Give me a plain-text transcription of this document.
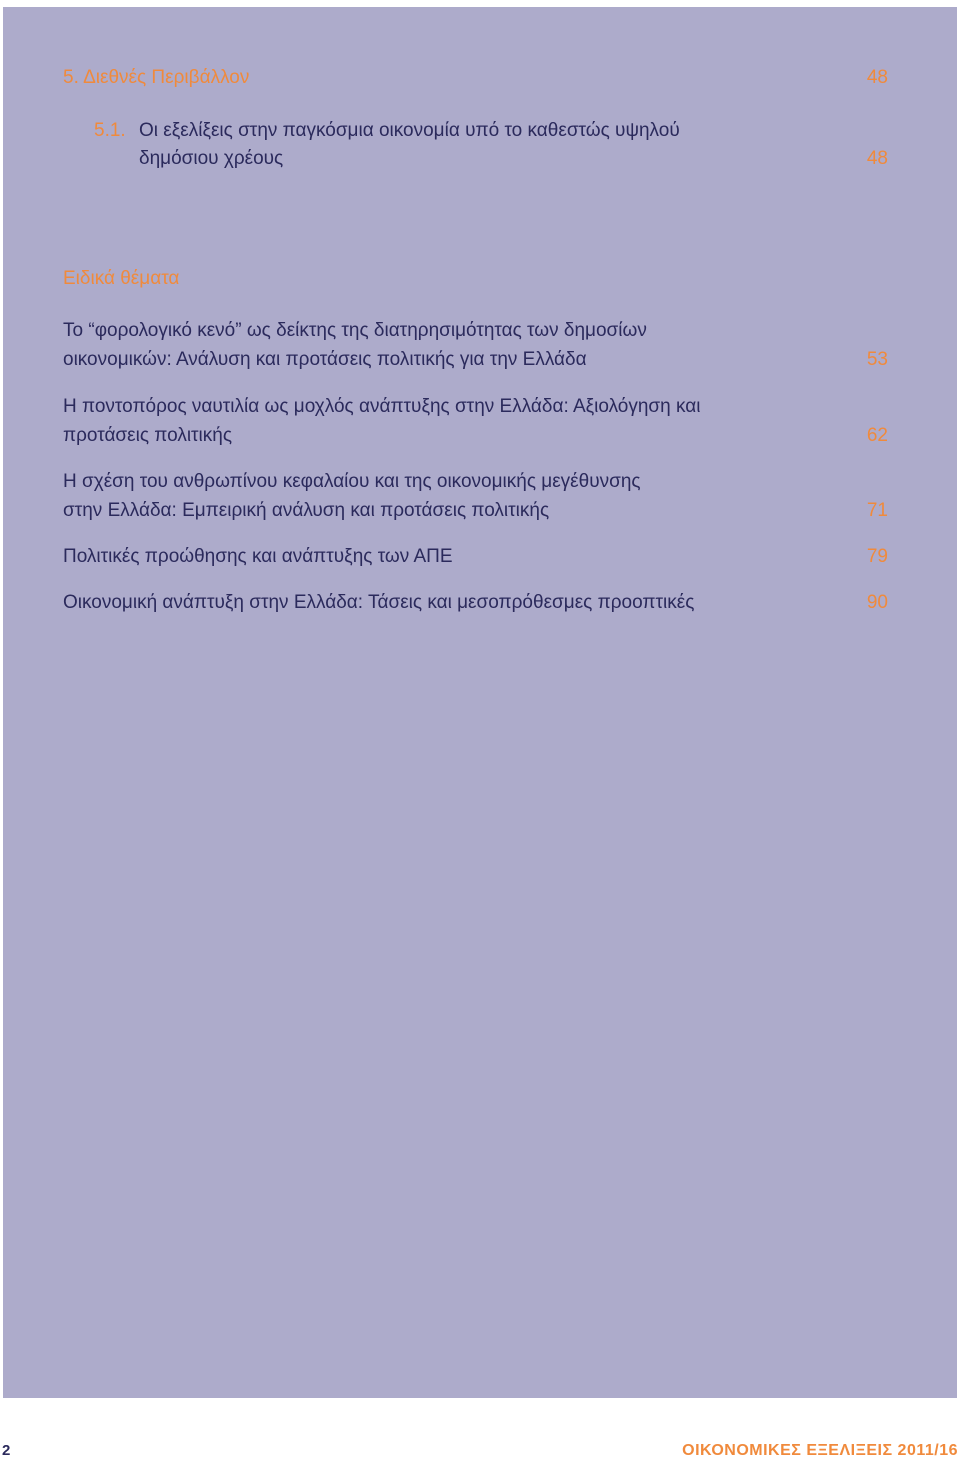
5. Διεθνές Περιβάλλον	48
5.1. Οι εξελίξεις στην παγκόσμια οικονομία υπό το καθεστώς υψηλού
δημόσιου χρέους	48
Ειδικά θέματα
Το “φορολογικό κενό” ως δείκτης της διατηρησιμότητας των δημοσίων
οικονομικών: Ανάλυση και προτάσεις πολιτικής για την Ελλάδα	53
Η ποντοπόρος ναυτιλία ως μοχλός ανάπτυξης στην Ελλάδα: Αξιολόγηση και
προτάσεις πολιτικής	62
Η σχέση του ανθρωπίνου κεφαλαίου και της οικονομικής μεγέθυνσης
στην Ελλάδα: Εμπειρική ανάλυση και προτάσεις πολιτικής	71
Πολιτικές προώθησης και ανάπτυξης των ΑΠΕ	79
Οικονομική ανάπτυξη στην Ελλάδα: Τάσεις και μεσοπρόθεσμες προοπτικές	90
2	ΟΙΚΟΝΟΜΙΚΕΣ ΕΞΕΛΙΞΕΙΣ 2011/16
